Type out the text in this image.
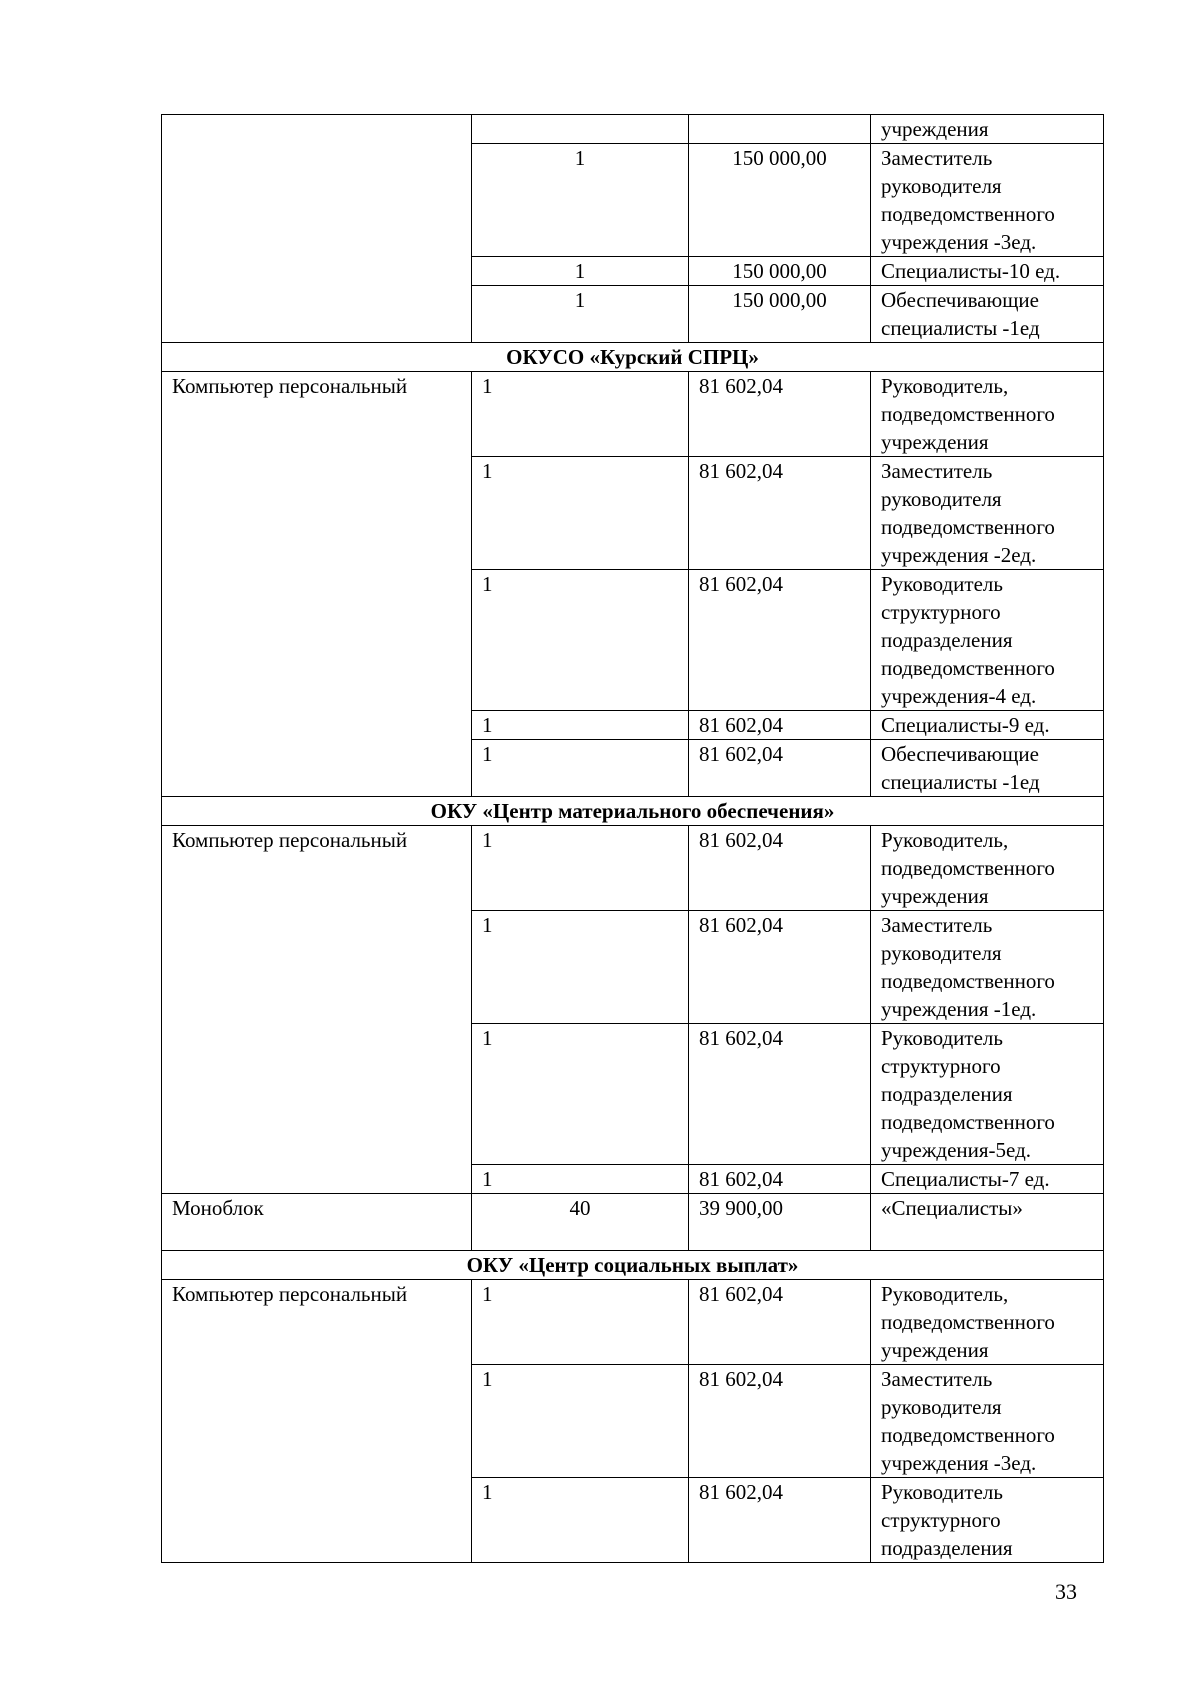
			учреждения
	1	150 000,00	Заместитель руководителя подведомственного учреждения -3ед.
	1	150 000,00	Специалисты-10 ед.
	1	150 000,00	Обеспечивающие специалисты -1ед
ОКУСО «Курский СПРЦ»			
Компьютер персональный	1	81 602,04	Руководитель, подведомственного учреждения
	1	81 602,04	Заместитель руководителя подведомственного учреждения -2ед.
	1	81 602,04	Руководитель структурного подразделения подведомственного учреждения-4 ед.
	1	81 602,04	Специалисты-9 ед.
	1	81 602,04	Обеспечивающие специалисты -1ед
ОКУ «Центр материального обеспечения»			
Компьютер персональный	1	81 602,04	Руководитель, подведомственного учреждения
	1	81 602,04	Заместитель руководителя подведомственного учреждения -1ед.
	1	81 602,04	Руководитель структурного подразделения подведомственного учреждения-5ед.
	1	81 602,04	Специалисты-7 ед.
Моноблок	40	39 900,00	«Специалисты»
ОКУ «Центр социальных выплат»			
Компьютер персональный	1	81 602,04	Руководитель, подведомственного учреждения
	1	81 602,04	Заместитель руководителя подведомственного учреждения -3ед.
	1	81 602,04	Руководитель структурного подразделения
33
